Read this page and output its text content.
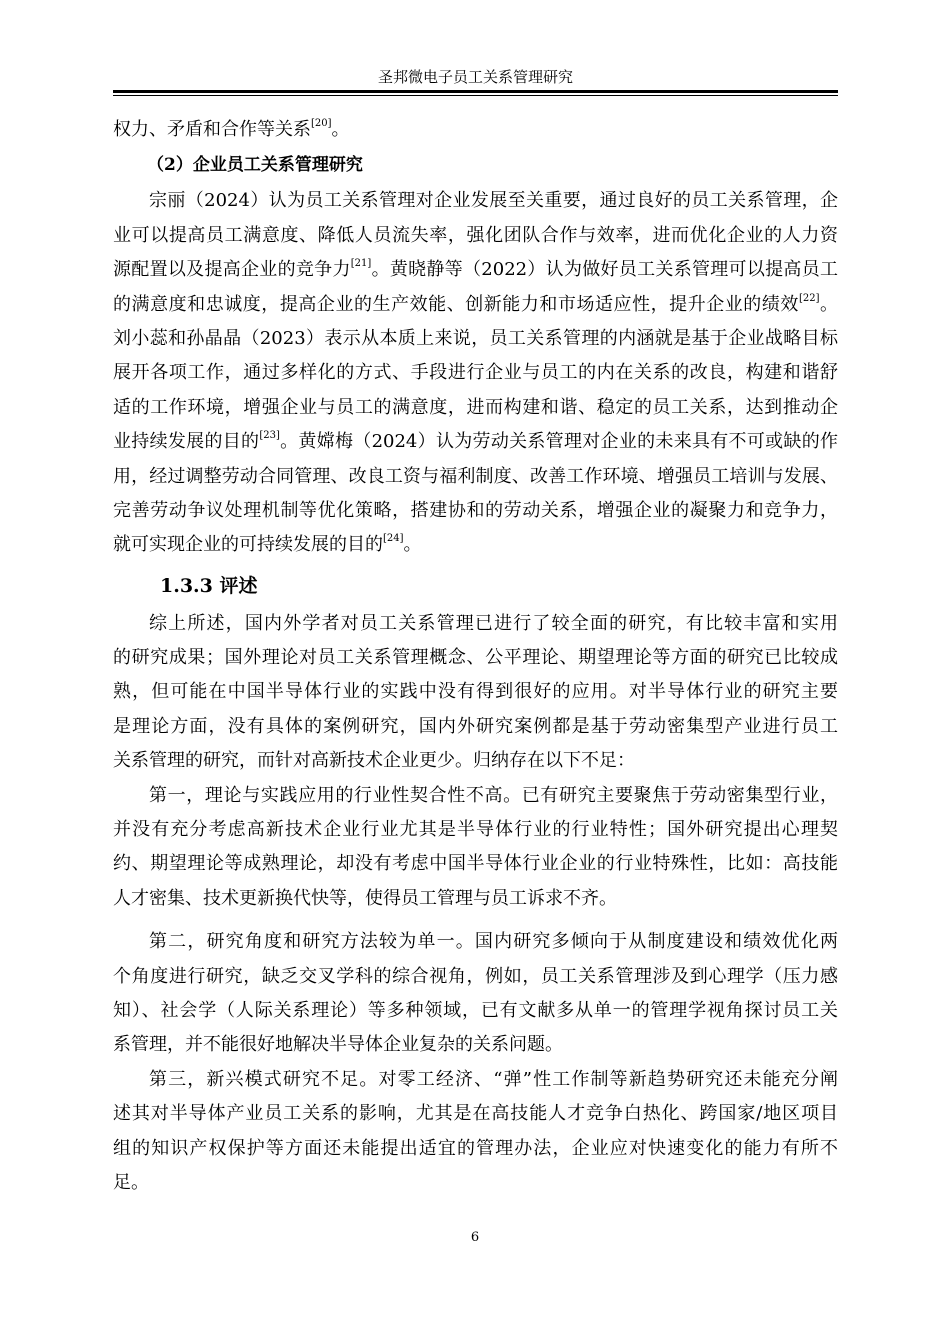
圣邦微电子员工关系管理研究
权力、矛盾和合作等关系[20]。
（2）企业员工关系管理研究
宗丽（2024）认为员工关系管理对企业发展至关重要，通过良好的员工关系管理，企
业可以提高员工满意度、降低人员流失率，强化团队合作与效率，进而优化企业的人力资
源配置以及提高企业的竞争力[21]。黄晓静等（2022）认为做好员工关系管理可以提高员工
的满意度和忠诚度，提高企业的生产效能、创新能力和市场适应性，提升企业的绩效[22]。
刘小蕊和孙晶晶（2023）表示从本质上来说，员工关系管理的内涵就是基于企业战略目标
展开各项工作，通过多样化的方式、手段进行企业与员工的内在关系的改良，构建和谐舒
适的工作环境，增强企业与员工的满意度，进而构建和谐、稳定的员工关系，达到推动企
业持续发展的目的[23]。黄嫦梅（2024）认为劳动关系管理对企业的未来具有不可或缺的作
用，经过调整劳动合同管理、改良工资与福利制度、改善工作环境、增强员工培训与发展、
完善劳动争议处理机制等优化策略，搭建协和的劳动关系，增强企业的凝聚力和竞争力，
就可实现企业的可持续发展的目的[24]。
1.3.3 评述
综上所述，国内外学者对员工关系管理已进行了较全面的研究，有比较丰富和实用
的研究成果；国外理论对员工关系管理概念、公平理论、期望理论等方面的研究已比较成
熟，但可能在中国半导体行业的实践中没有得到很好的应用。对半导体行业的研究主要
是理论方面，没有具体的案例研究，国内外研究案例都是基于劳动密集型产业进行员工
关系管理的研究，而针对高新技术企业更少。归纳存在以下不足：
第一，理论与实践应用的行业性契合性不高。已有研究主要聚焦于劳动密集型行业，
并没有充分考虑高新技术企业行业尤其是半导体行业的行业特性；国外研究提出心理契
约、期望理论等成熟理论，却没有考虑中国半导体行业企业的行业特殊性，比如：高技能
人才密集、技术更新换代快等，使得员工管理与员工诉求不齐。
第二，研究角度和研究方法较为单一。国内研究多倾向于从制度建设和绩效优化两
个角度进行研究，缺乏交叉学科的综合视角，例如，员工关系管理涉及到心理学（压力感
知）、社会学（人际关系理论）等多种领域，已有文献多从单一的管理学视角探讨员工关
系管理，并不能很好地解决半导体企业复杂的关系问题。
第三，新兴模式研究不足。对零工经济、“弹”性工作制等新趋势研究还未能充分阐
述其对半导体产业员工关系的影响，尤其是在高技能人才竞争白热化、跨国家/地区项目
组的知识产权保护等方面还未能提出适宜的管理办法，企业应对快速变化的能力有所不
足。
6
